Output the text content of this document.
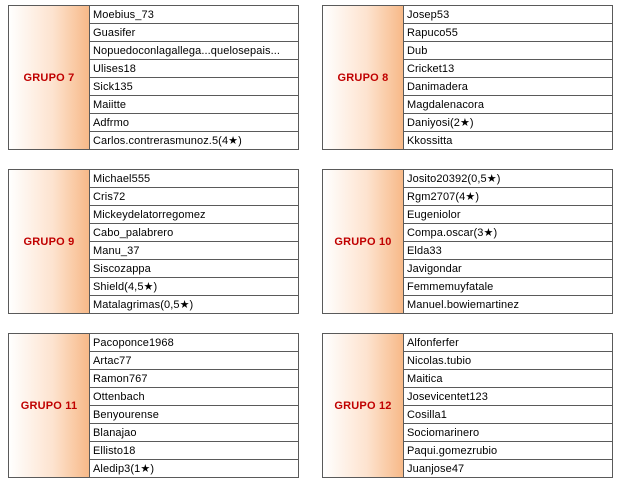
GRUPO 7
Moebius_73
Guasifer
Nopuedoconlagallega...quelosepais...
Ulises18
Sick135
Maiitte
Adfrmo
Carlos.contrerasmunoz.5(4★)
GRUPO 8
Josep53
Rapuco55
Dub
Cricket13
Danimadera
Magdalenacora
Daniyosi(2★)
Kkossitta
GRUPO 9
Michael555
Cris72
Mickeydelatorregomez
Cabo_palabrero
Manu_37
Siscozappa
Shield(4,5★)
Matalagrimas(0,5★)
GRUPO 10
Josito20392(0,5★)
Rgm2707(4★)
Eugeniolor
Compa.oscar(3★)
Elda33
Javigondar
Femmemuyfatale
Manuel.bowiemartinez
GRUPO 11
Pacoponce1968
Artac77
Ramon767
Ottenbach
Benyourense
Blanajao
Ellisto18
Aledip3(1★)
GRUPO 12
Alfonferfer
Nicolas.tubio
Maitica
Josevicentet123
Cosilla1
Sociomarinero
Paqui.gomezrubio
Juanjose47
